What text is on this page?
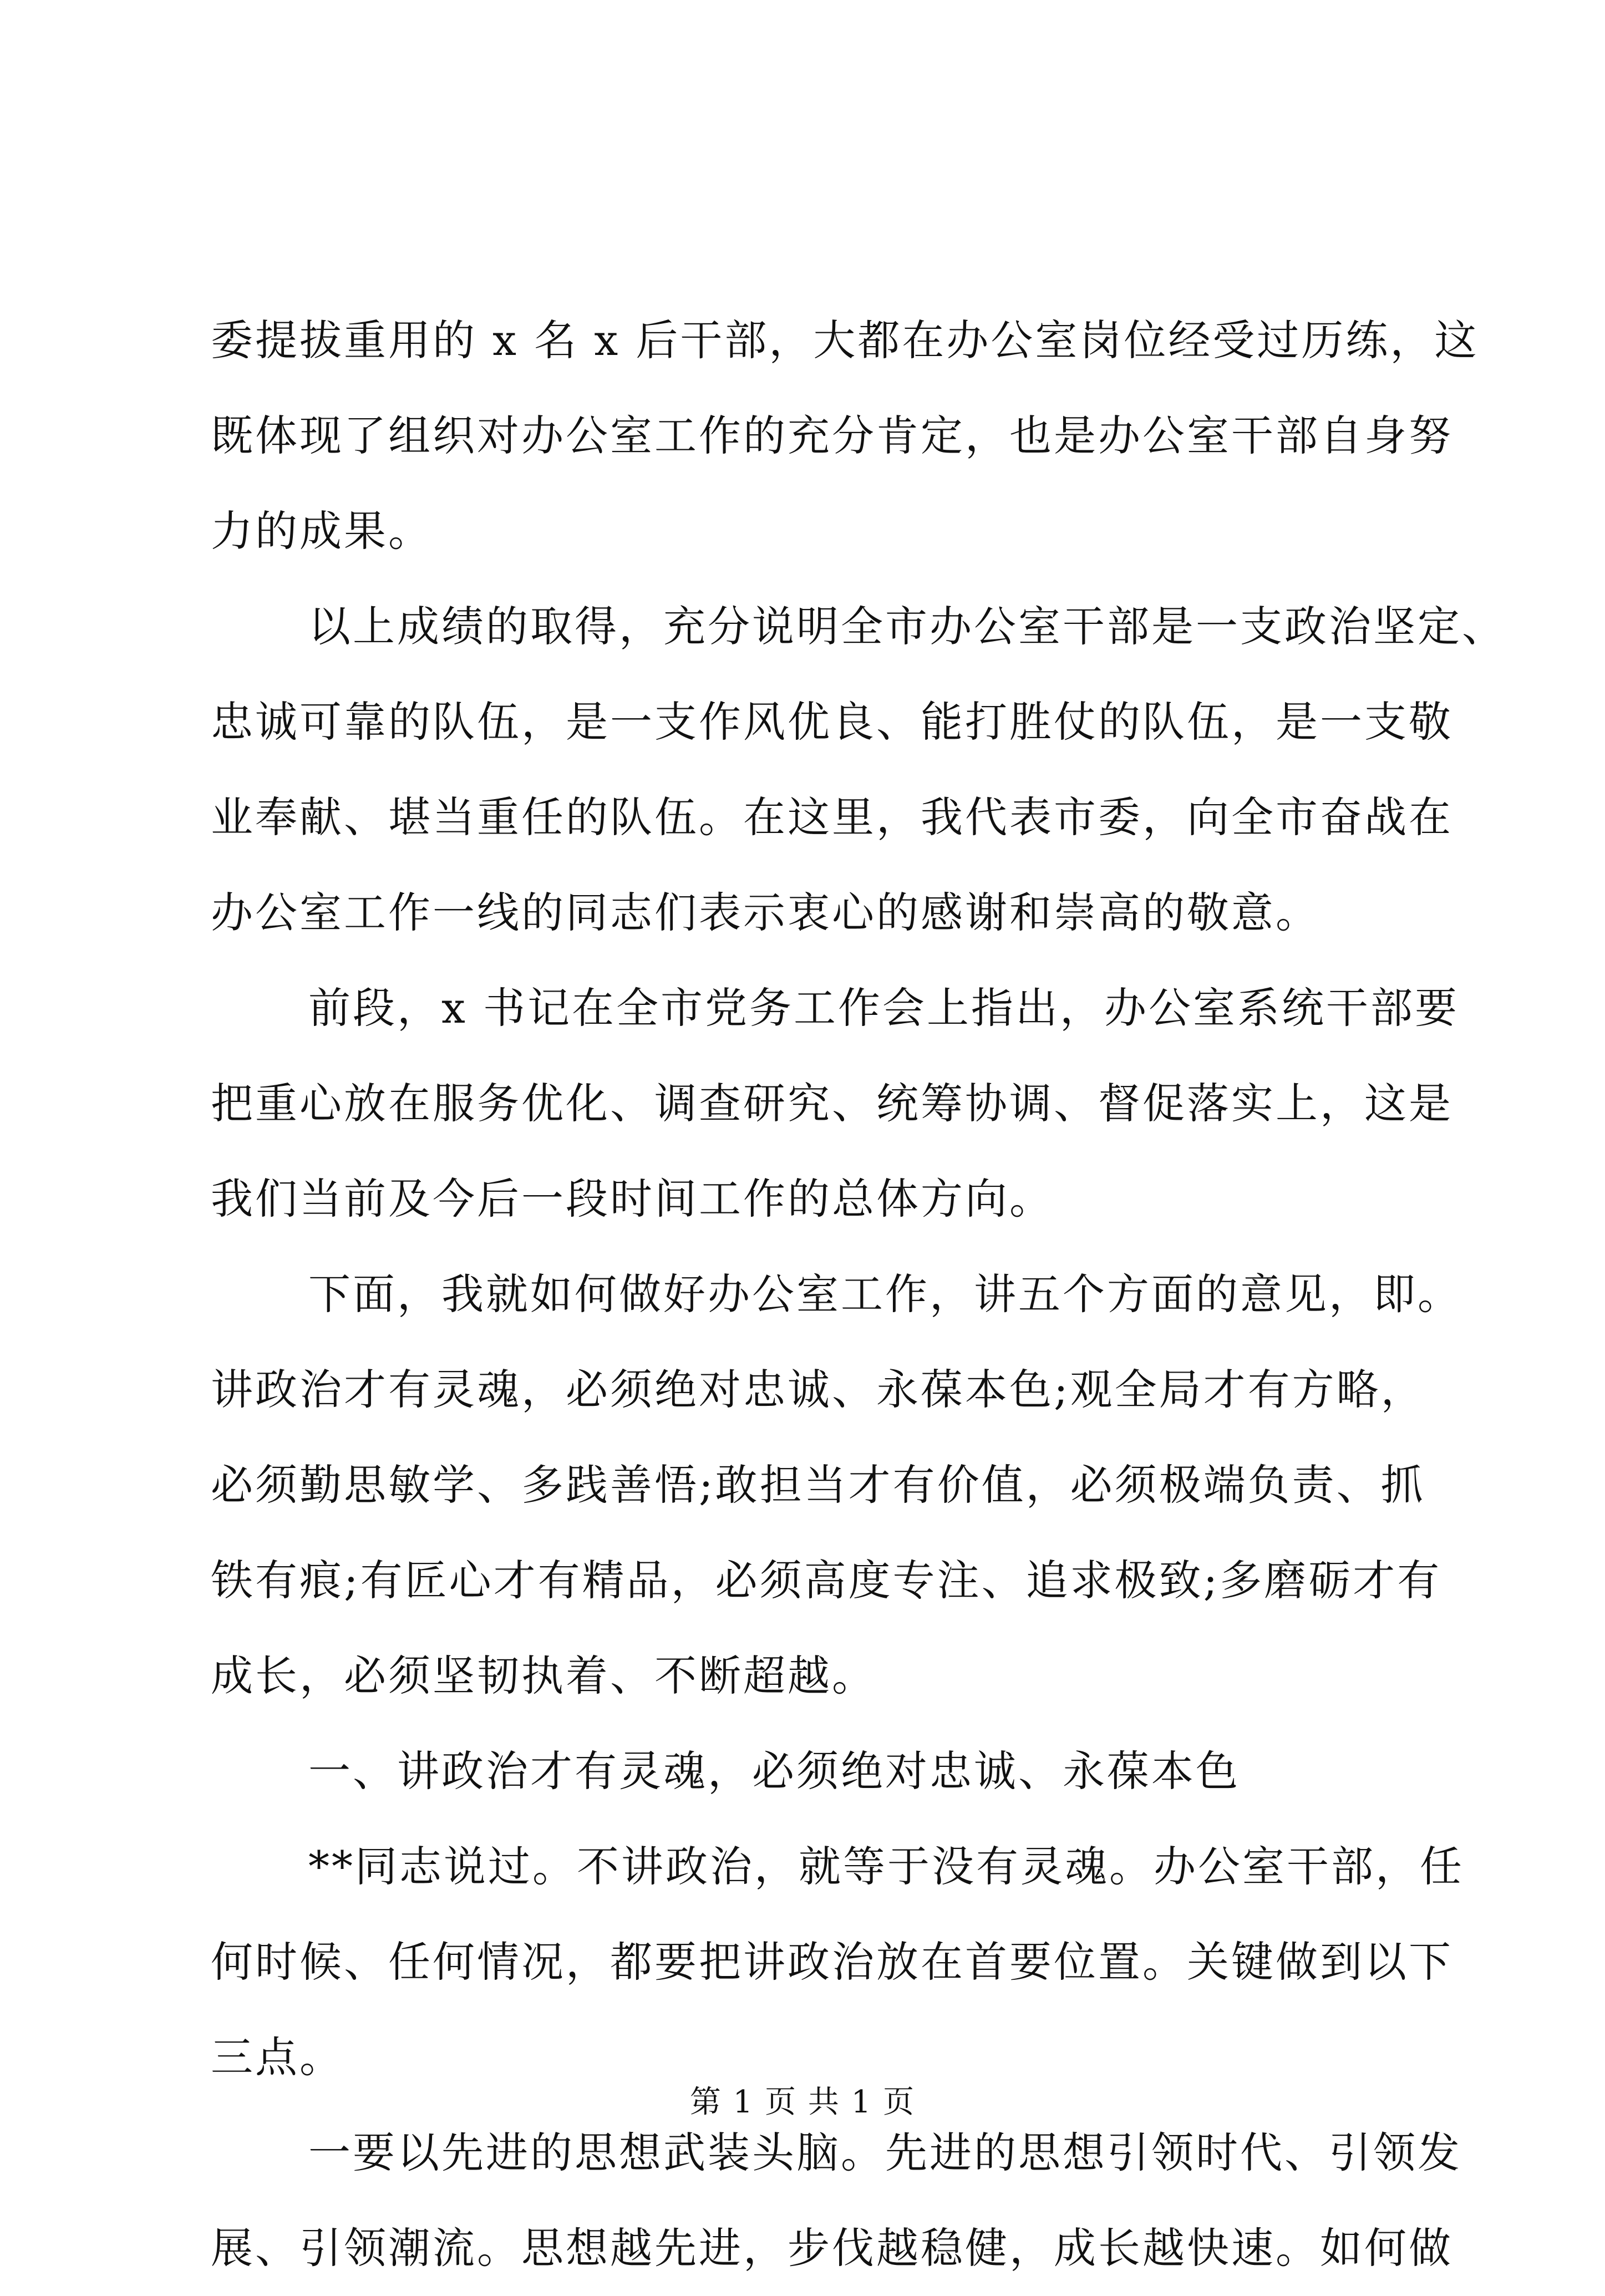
委提拔重用的 x 名 x 后干部，大都在办公室岗位经受过历练，这
既体现了组织对办公室工作的充分肯定，也是办公室干部自身努
力的成果。
以上成绩的取得，充分说明全市办公室干部是一支政治坚定、
忠诚可靠的队伍，是一支作风优良、能打胜仗的队伍，是一支敬
业奉献、堪当重任的队伍。在这里，我代表市委，向全市奋战在
办公室工作一线的同志们表示衷心的感谢和崇高的敬意。
前段，x 书记在全市党务工作会上指出，办公室系统干部要
把重心放在服务优化、调查研究、统筹协调、督促落实上，这是
我们当前及今后一段时间工作的总体方向。
下面，我就如何做好办公室工作，讲五个方面的意见，即。
讲政治才有灵魂，必须绝对忠诚、永葆本色;观全局才有方略，
必须勤思敏学、多践善悟;敢担当才有价值，必须极端负责、抓
铁有痕;有匠心才有精品，必须高度专注、追求极致;多磨砺才有
成长，必须坚韧执着、不断超越。
一、讲政治才有灵魂，必须绝对忠诚、永葆本色
**同志说过。不讲政治，就等于没有灵魂。办公室干部，任
何时候、任何情况，都要把讲政治放在首要位置。关键做到以下
三点。
一要以先进的思想武装头脑。先进的思想引领时代、引领发
展、引领潮流。思想越先进，步伐越稳健，成长越快速。如何做
第 1 页 共 1 页
